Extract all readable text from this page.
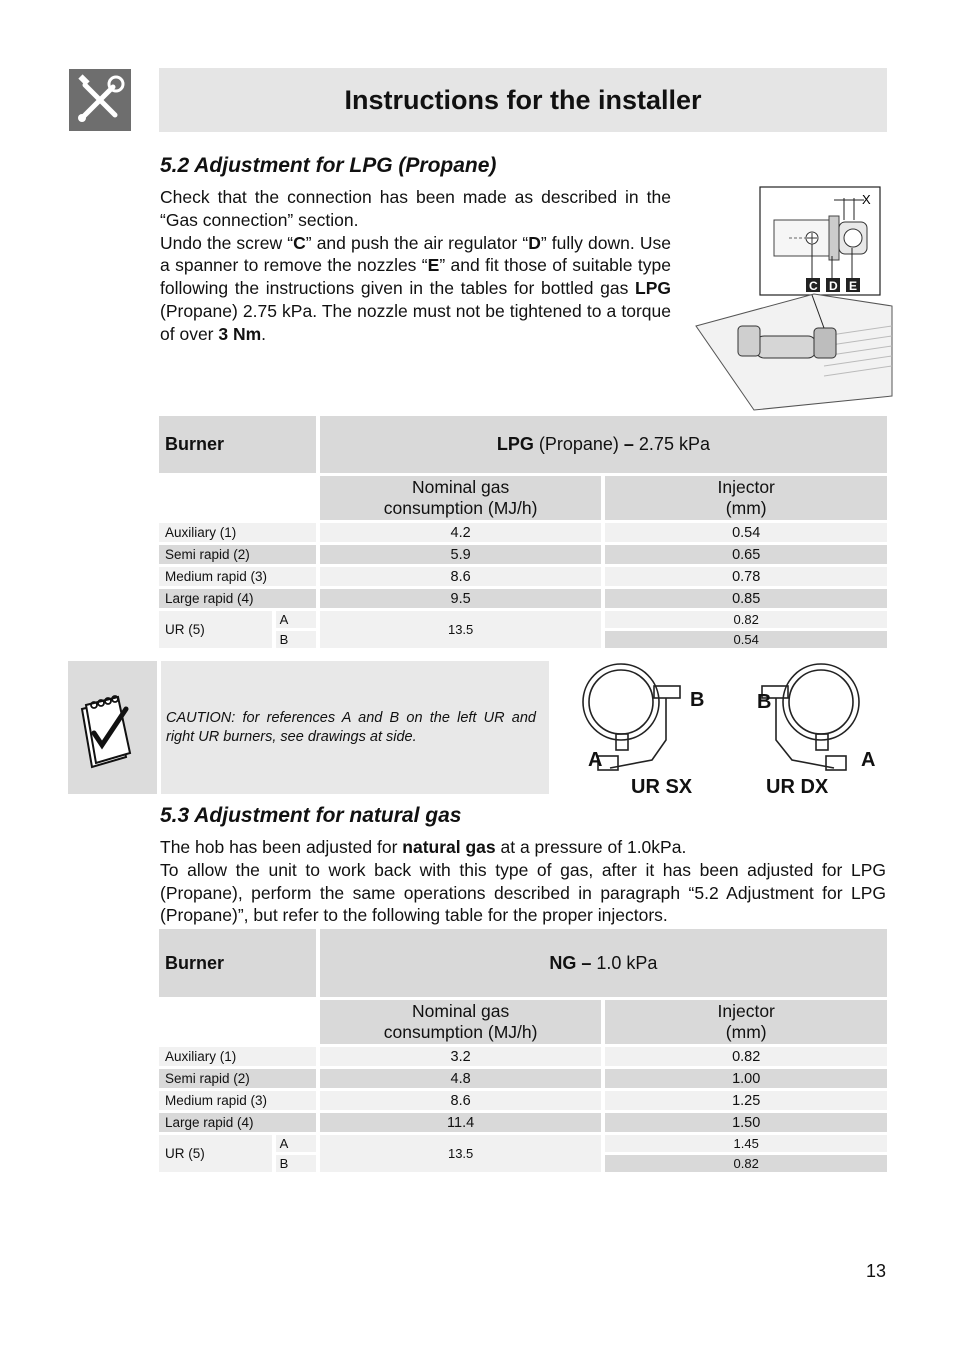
Instructions for the installer
5.2 Adjustment for LPG (Propane)

Check that the connection has been made as described in the “Gas connection” section.

Undo the screw “C” and push the air regulator “D” fully down. Use a spanner to remove the nozzles “E” and fit those of suitable type following the instructions given in the tables for bottled gas LPG (Propane) 2.75 kPa. The nozzle must not be tightened to a torque of over 3 Nm.

X
C D E
Burner		LPG (Propane) – 2.75 kPa	
		Nominal gas
consumption (MJ/h)	Injector
(mm)
Auxiliary (1)		4.2	0.54
Semi rapid (2)		5.9	0.65
Medium rapid (3)		8.6	0.78
Large rapid (4)		9.5	0.85
UR (5)	A	13.5	0.82
	B		0.54
CAUTION: for references A and B on the left UR and right UR burners, see drawings at side.
B
A
B
A
UR SX	UR DX
5.3 Adjustment for natural gas

The hob has been adjusted for natural gas at a pressure of 1.0kPa.

To allow the unit to work back with this type of gas, after it has been adjusted for LPG (Propane), perform the same operations described in paragraph “5.2 Adjustment for LPG (Propane)”, but refer to the following table for the proper injectors.

Burner		NG – 1.0 kPa	
		Nominal gas
consumption (MJ/h)	Injector
(mm)
Auxiliary (1)		3.2	0.82
Semi rapid (2)		4.8	1.00
Medium rapid (3)		8.6	1.25
Large rapid (4)		11.4	1.50
UR (5)	A	13.5	1.45
	B		0.82
13
